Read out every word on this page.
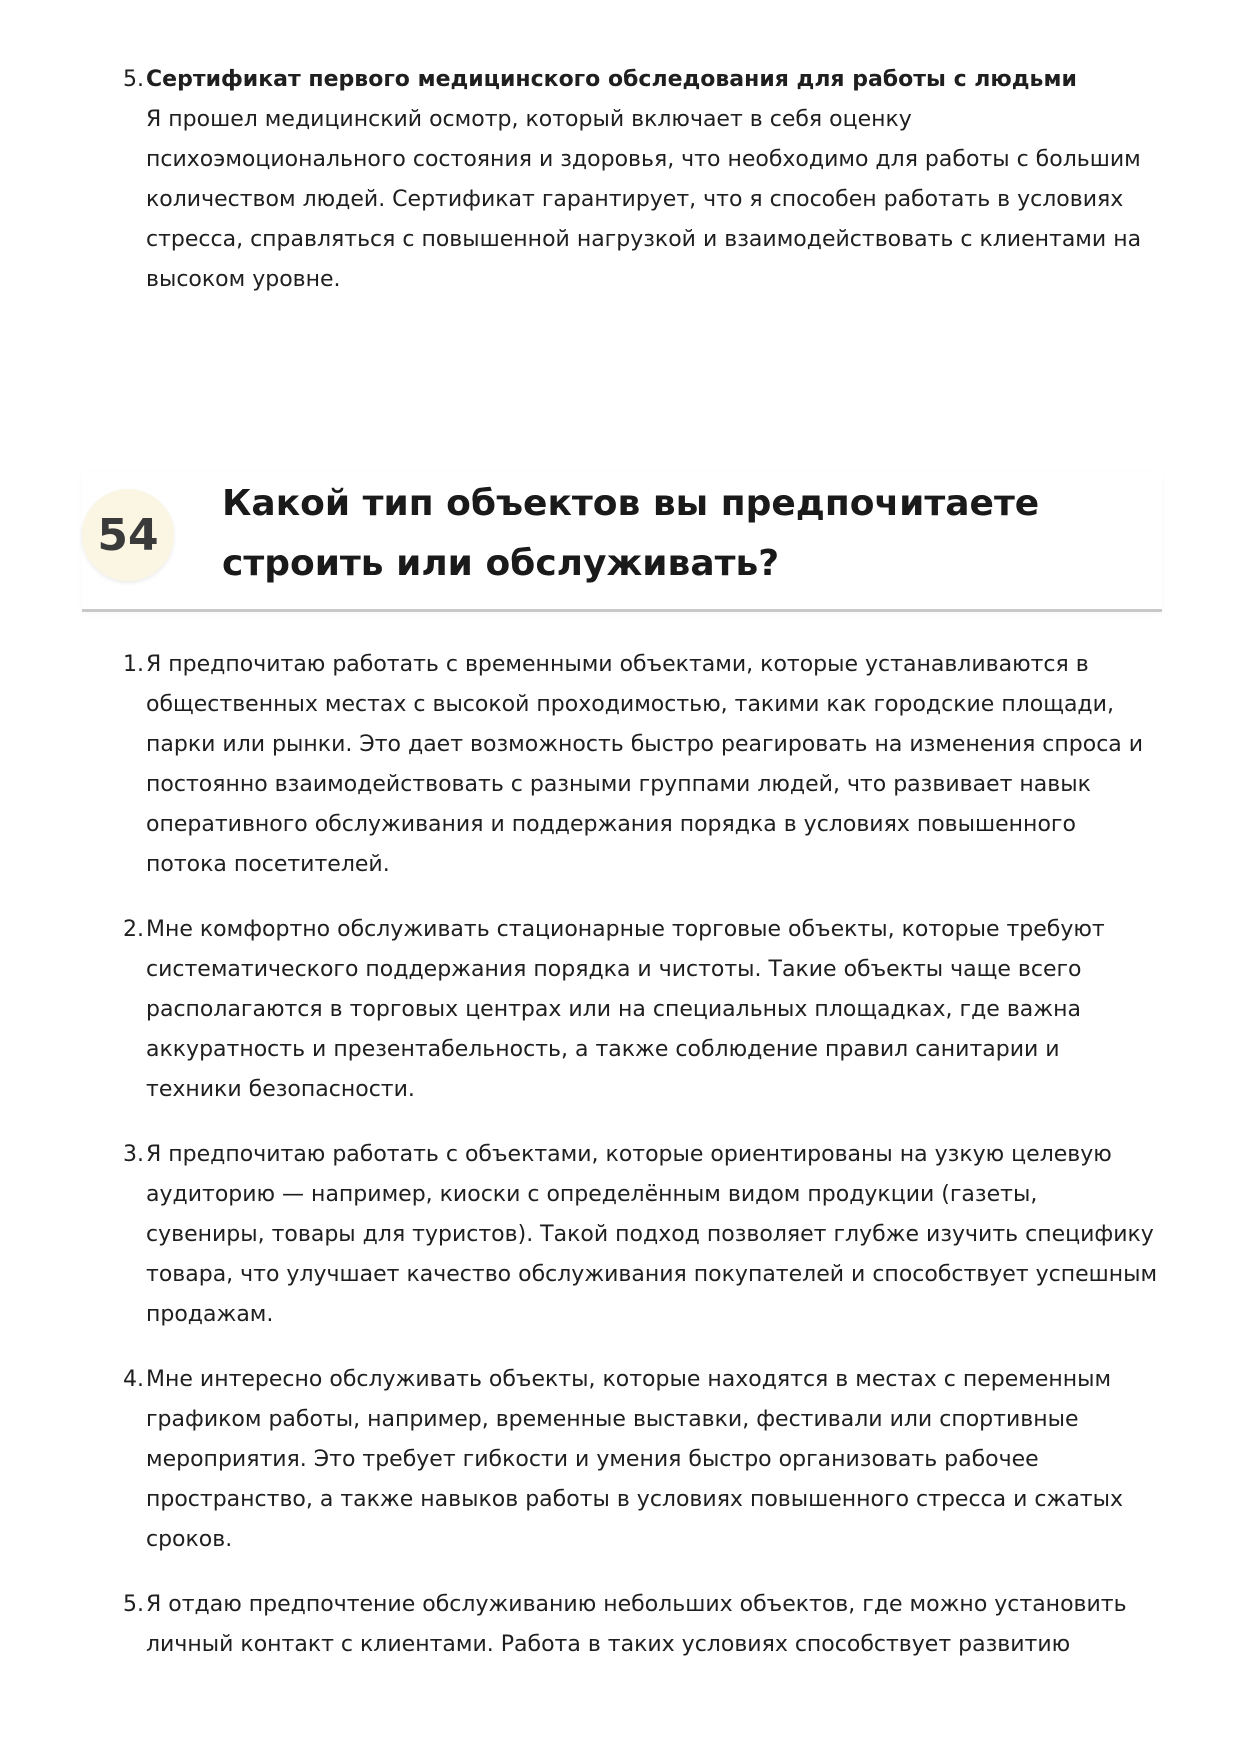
5. Сертификат первого медицинского обследования для работы с людьми
Я прошел медицинский осмотр, который включает в себя оценку психоэмоционального состояния и здоровья, что необходимо для работы с большим количеством людей. Сертификат гарантирует, что я способен работать в условиях стресса, справляться с повышенной нагрузкой и взаимодействовать с клиентами на высоком уровне.
54
Какой тип объектов вы предпочитаете строить или обслуживать?
1. Я предпочитаю работать с временными объектами, которые устанавливаются в общественных местах с высокой проходимостью, такими как городские площади, парки или рынки. Это дает возможность быстро реагировать на изменения спроса и постоянно взаимодействовать с разными группами людей, что развивает навык оперативного обслуживания и поддержания порядка в условиях повышенного потока посетителей.
2. Мне комфортно обслуживать стационарные торговые объекты, которые требуют систематического поддержания порядка и чистоты. Такие объекты чаще всего располагаются в торговых центрах или на специальных площадках, где важна аккуратность и презентабельность, а также соблюдение правил санитарии и техники безопасности.
3. Я предпочитаю работать с объектами, которые ориентированы на узкую целевую аудиторию — например, киоски с определённым видом продукции (газеты, сувениры, товары для туристов). Такой подход позволяет глубже изучить специфику товара, что улучшает качество обслуживания покупателей и способствует успешным продажам.
4. Мне интересно обслуживать объекты, которые находятся в местах с переменным графиком работы, например, временные выставки, фестивали или спортивные мероприятия. Это требует гибкости и умения быстро организовать рабочее пространство, а также навыков работы в условиях повышенного стресса и сжатых сроков.
5. Я отдаю предпочтение обслуживанию небольших объектов, где можно установить личный контакт с клиентами. Работа в таких условиях способствует развитию
